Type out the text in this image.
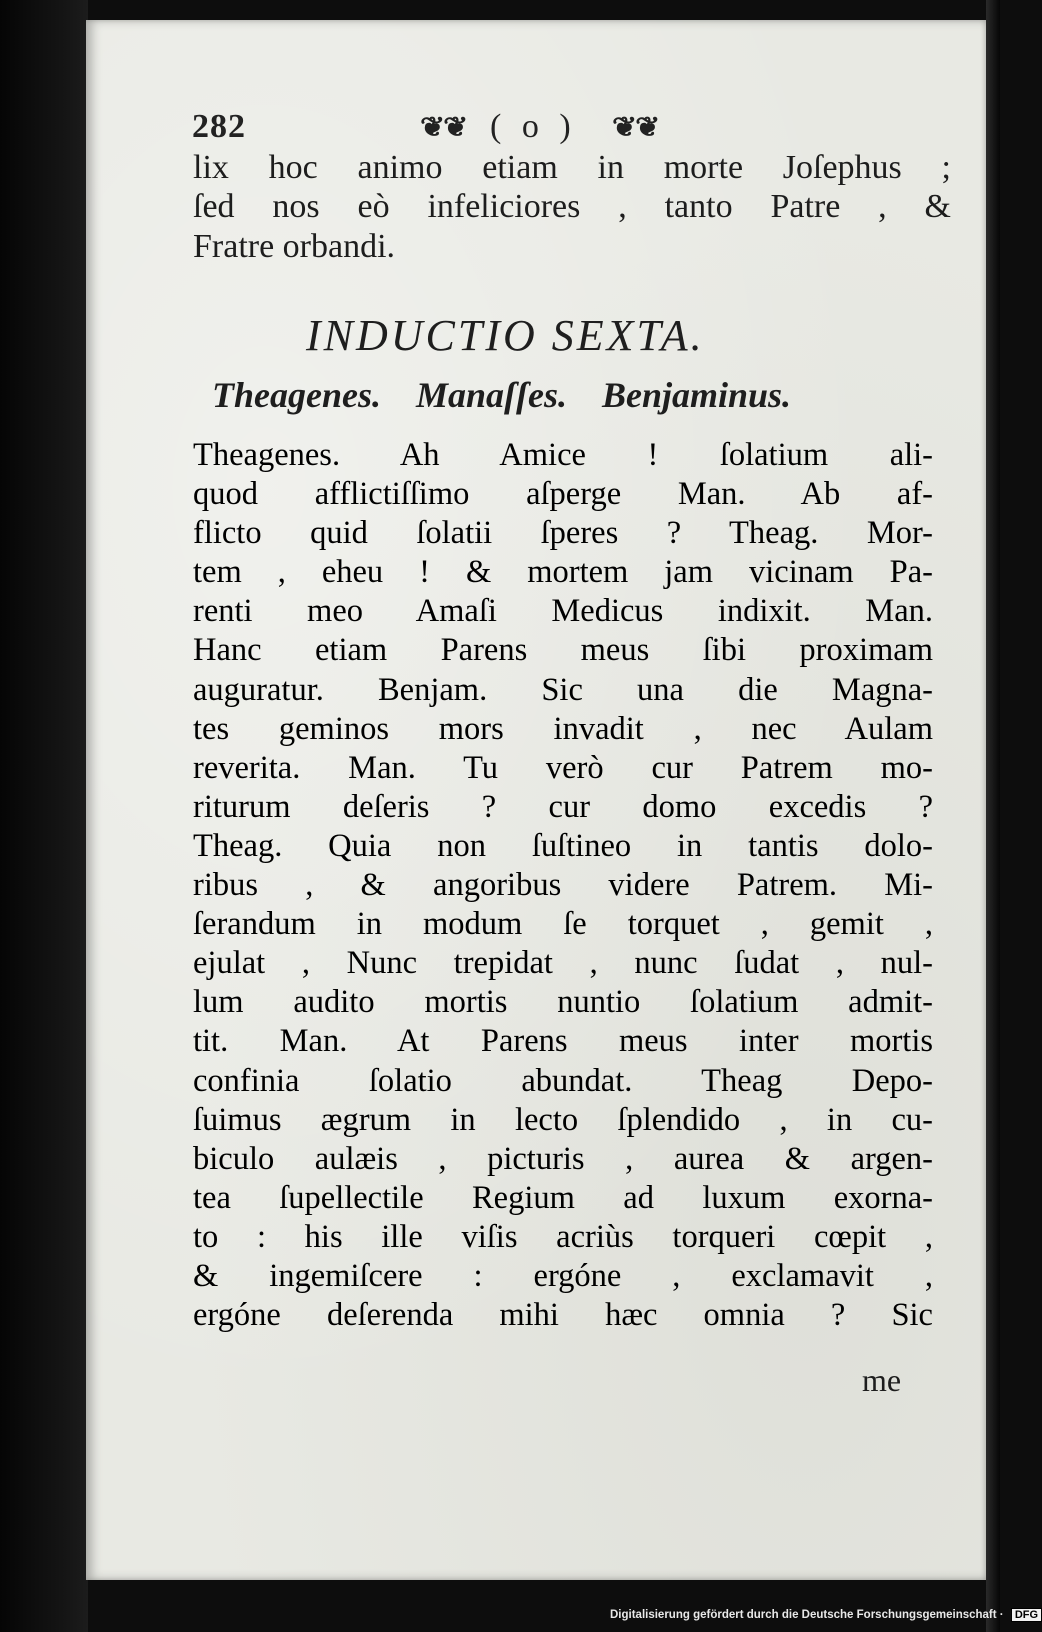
282	❦❦ ( o ) ❦❦
lix hoc animo etiam in morte Joſephus ;
ſed nos eò infeliciores , tanto Patre , &
Fratre orbandi.
INDUCTIO SEXTA.
Theagenes. Manaſſes. Benjaminus.
Theagenes. Ah Amice ! ſolatium ali-
quod afflictiſſimo aſperge Man. Ab af-
flicto quid ſolatii ſperes ? Theag. Mor-
tem , eheu ! & mortem jam vicinam Pa-
renti meo Amaſi Medicus indixit. Man.
Hanc etiam Parens meus ſibi proximam
auguratur. Benjam. Sic una die Magna-
tes geminos mors invadit , nec Aulam
reverita. Man. Tu verò cur Patrem mo-
riturum deſeris ? cur domo excedis ?
Theag. Quia non ſuſtineo in tantis dolo-
ribus , & angoribus videre Patrem. Mi-
ſerandum in modum ſe torquet , gemit ,
ejulat , Nunc trepidat , nunc ſudat , nul-
lum audito mortis nuntio ſolatium admit-
tit. Man. At Parens meus inter mortis
confinia ſolatio abundat. Theag Depo-
ſuimus ægrum in lecto ſplendido , in cu-
biculo aulæis , picturis , aurea & argen-
tea ſupellectile Regium ad luxum exorna-
to : his ille viſis acriùs torqueri cœpit ,
& ingemiſcere : ergóne , exclamavit ,
ergóne deſerenda mihi hæc omnia ? Sic
me
Digitalisierung gefördert durch die Deutsche Forschungsgemeinschaft · DFG
